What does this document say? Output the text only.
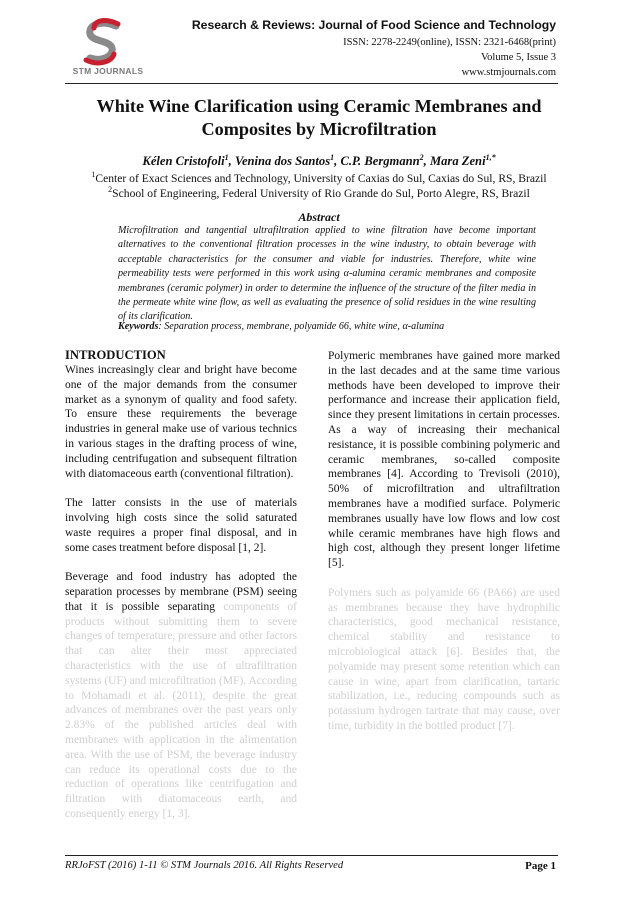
STM JOURNALS
Research & Reviews: Journal of Food Science and Technology
ISSN: 2278-2249(online), ISSN: 2321-6468(print)
Volume 5, Issue 3
www.stmjournals.com
White Wine Clarification using Ceramic Membranes and
Composites by Microfiltration
Kélen Cristofoli$^1$, Venina dos Santos$^1$, C.P. Bergmann$^2$, Mara Zeni$^{1,*}$
$^1$Center of Exact Sciences and Technology, University of Caxias do Sul, Caxias do Sul, RS, Brazil
$^2$School of Engineering, Federal University of Rio Grande do Sul, Porto Alegre, RS, Brazil
Abstract
Microfiltration and tangential ultrafiltration applied to wine filtration have become important alternatives to the conventional filtration processes in the wine industry, to obtain beverage with acceptable characteristics for the consumer and viable for industries. Therefore, white wine permeability tests were performed in this work using α-alumina ceramic membranes and composite membranes (ceramic polymer) in order to determine the influence of the structure of the filter media in the permeate white wine flow, as well as evaluating the presence of solid residues in the wine resulting of its clarification.
Keywords: Separation process, membrane, polyamide 66, white wine, α-alumina

INTRODUCTION

Wines increasingly clear and bright have become one of the major demands from the consumer market as a synonym of quality and food safety. To ensure these requirements the beverage industries in general make use of various technics in various stages in the drafting process of wine, including centrifugation and subsequent filtration with diatomaceous earth (conventional filtration).

The latter consists in the use of materials involving high costs since the solid saturated waste requires a proper final disposal, and in some cases treatment before disposal [1, 2].

Beverage and food industry has adopted the separation processes by membrane (PSM) seeing that it is possible separating components of products without submitting them to severe changes of temperature, pressure and other factors that can alter their most appreciated characteristics with the use of ultrafiltration systems (UF) and microfiltration (MF). According to Mohamadi et al. (2011), despite the great advances of membranes over the past years only 2.83% of the published articles deal with membranes with application in the alimentation area. With the use of PSM, the beverage industry can reduce its operational costs due to the reduction of operations like centrifugation and filtration with diatomaceous earth, and consequently energy [1, 3].

Polymeric membranes have gained more marked in the last decades and at the same time various methods have been developed to improve their performance and increase their application field, since they present limitations in certain processes. As a way of increasing their mechanical resistance, it is possible combining polymeric and ceramic membranes, so-called composite membranes [4]. According to Trevisoli (2010), 50% of microfiltration and ultrafiltration membranes have a modified surface. Polymeric membranes usually have low flows and low cost while ceramic membranes have high flows and high cost, although they present longer lifetime [5].

Polymers such as polyamide 66 (PA66) are used as membranes because they have hydrophilic characteristics, good mechanical resistance, chemical stability and resistance to microbiological attack [6]. Besides that, the polyamide may present some retention which can cause in wine, apart from clarification, tartaric stabilization, i.e., reducing compounds such as potassium hydrogen tartrate that may cause, over time, turbidity in the bottled product [7].

RRJoFST (2016) 1-11 © STM Journals 2016. All Rights Reserved	Page 1
